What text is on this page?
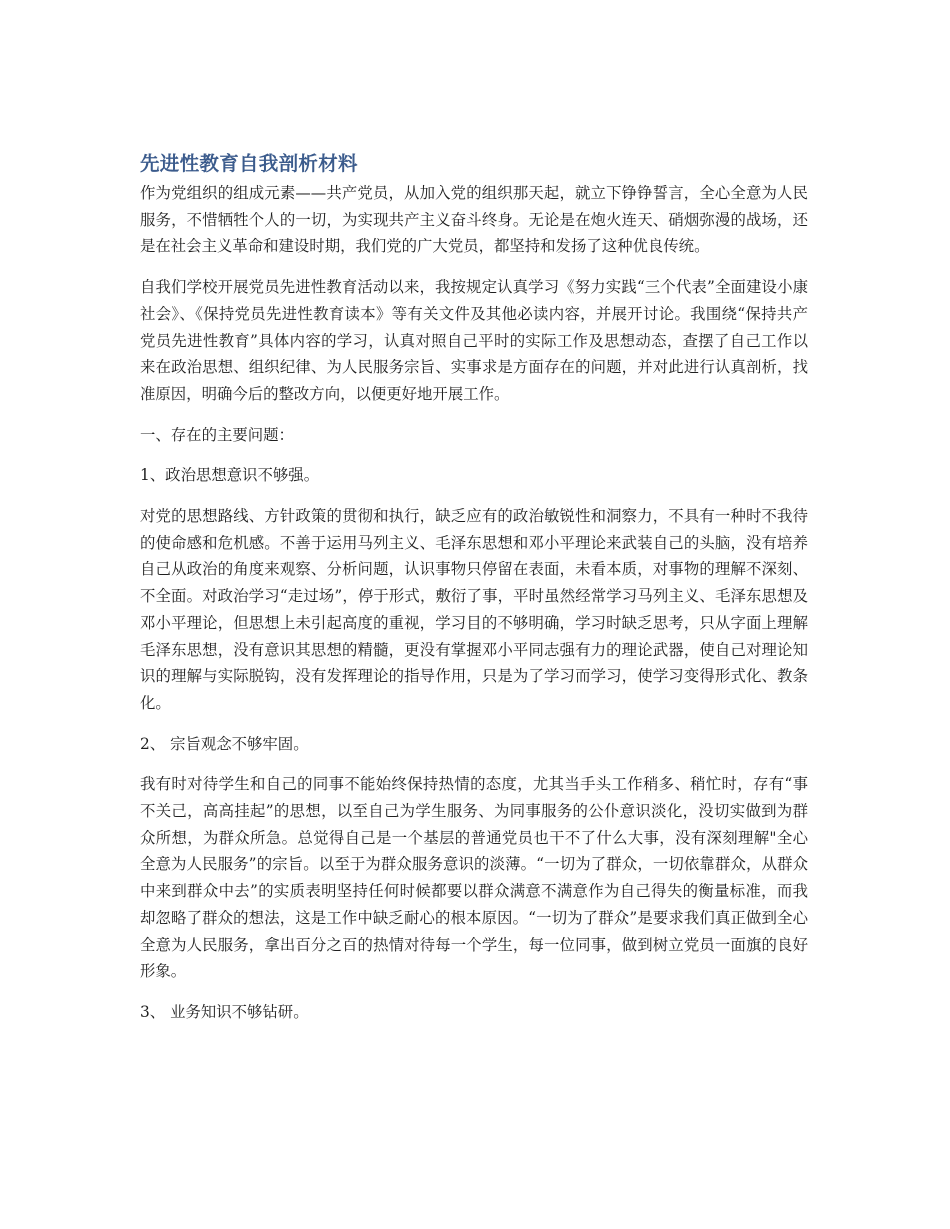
先进性教育自我剖析材料

作为党组织的组成元素——共产党员，从加入党的组织那天起，就立下铮铮誓言，全心全意为人民服务，不惜牺牲个人的一切，为实现共产主义奋斗终身。无论是在炮火连天、硝烟弥漫的战场，还是在社会主义革命和建设时期，我们党的广大党员，都坚持和发扬了这种优良传统。

自我们学校开展党员先进性教育活动以来，我按规定认真学习《努力实践“三个代表”全面建设小康社会》、《保持党员先进性教育读本》等有关文件及其他必读内容，并展开讨论。我围绕“保持共产党员先进性教育”具体内容的学习，认真对照自己平时的实际工作及思想动态，查摆了自己工作以来在政治思想、组织纪律、为人民服务宗旨、实事求是方面存在的问题，并对此进行认真剖析，找准原因，明确今后的整改方向，以便更好地开展工作。

一、存在的主要问题：

1、政治思想意识不够强。

对党的思想路线、方针政策的贯彻和执行，缺乏应有的政治敏锐性和洞察力，不具有一种时不我待的使命感和危机感。不善于运用马列主义、毛泽东思想和邓小平理论来武装自己的头脑，没有培养自己从政治的角度来观察、分析问题，认识事物只停留在表面，未看本质，对事物的理解不深刻、不全面。对政治学习“走过场”，停于形式，敷衍了事，平时虽然经常学习马列主义、毛泽东思想及邓小平理论，但思想上未引起高度的重视，学习目的不够明确，学习时缺乏思考，只从字面上理解毛泽东思想，没有意识其思想的精髓，更没有掌握邓小平同志强有力的理论武器，使自己对理论知识的理解与实际脱钩，没有发挥理论的指导作用，只是为了学习而学习，使学习变得形式化、教条化。

2、 宗旨观念不够牢固。

我有时对待学生和自己的同事不能始终保持热情的态度，尤其当手头工作稍多、稍忙时，存有“事不关己，高高挂起”的思想，以至自己为学生服务、为同事服务的公仆意识淡化，没切实做到为群众所想，为群众所急。总觉得自己是一个基层的普通党员也干不了什么大事，没有深刻理解"全心全意为人民服务”的宗旨。以至于为群众服务意识的淡薄。“一切为了群众，一切依靠群众，从群众中来到群众中去”的实质表明坚持任何时候都要以群众满意不满意作为自己得失的衡量标准，而我却忽略了群众的想法，这是工作中缺乏耐心的根本原因。“一切为了群众”是要求我们真正做到全心全意为人民服务，拿出百分之百的热情对待每一个学生，每一位同事，做到树立党员一面旗的良好形象。

3、 业务知识不够钻研。
